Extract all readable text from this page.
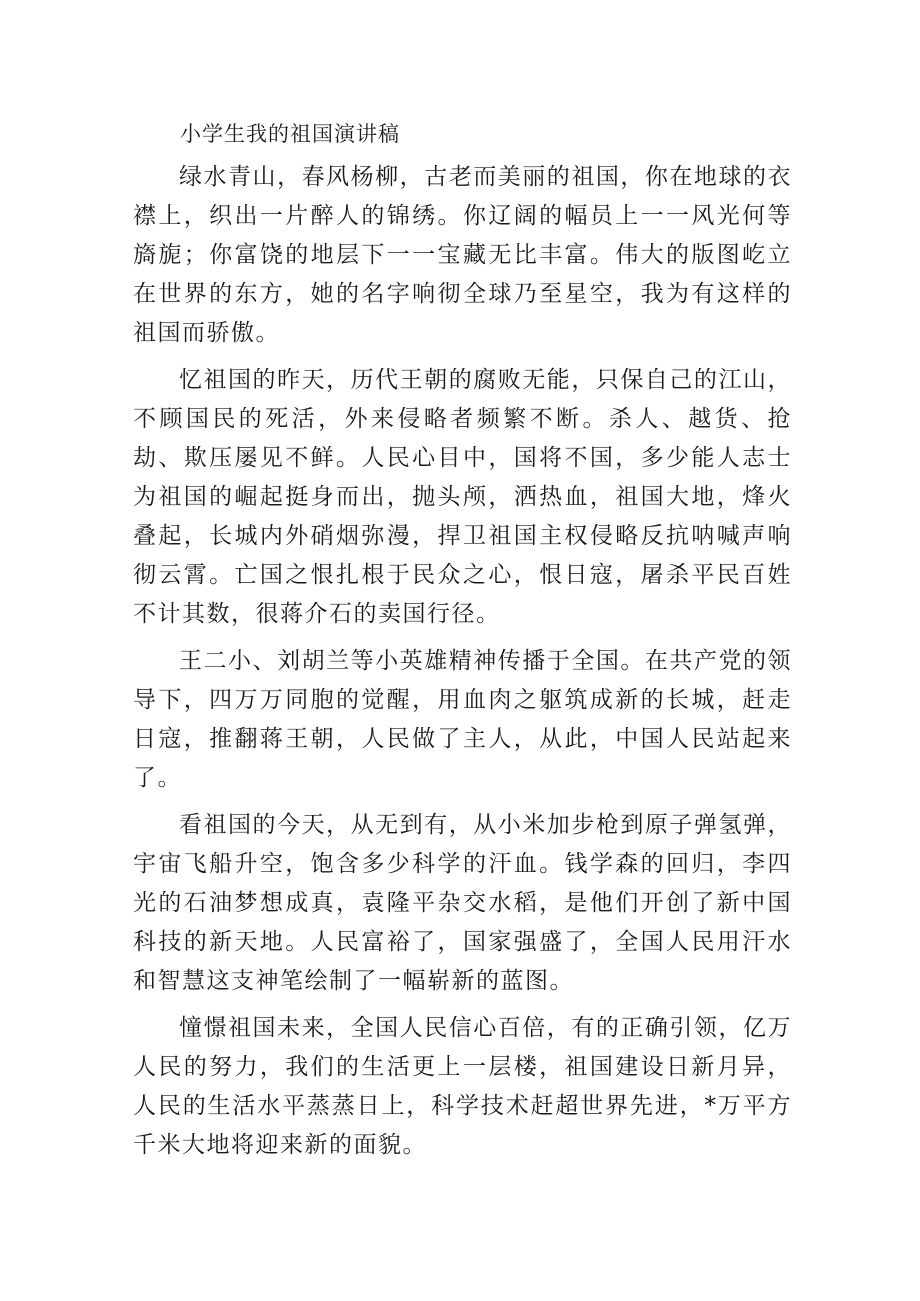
小学生我的祖国演讲稿

绿水青山，春风杨柳，古老而美丽的祖国，你在地球的衣襟上，织出一片醉人的锦绣。你辽阔的幅员上一一风光何等旖旎；你富饶的地层下一一宝藏无比丰富。伟大的版图屹立在世界的东方，她的名字响彻全球乃至星空，我为有这样的祖国而骄傲。

忆祖国的昨天，历代王朝的腐败无能，只保自己的江山，不顾国民的死活，外来侵略者频繁不断。杀人、越货、抢劫、欺压屡见不鲜。人民心目中，国将不国，多少能人志士为祖国的崛起挺身而出，抛头颅，洒热血，祖国大地，烽火叠起，长城内外硝烟弥漫，捍卫祖国主权侵略反抗呐喊声响彻云霄。亡国之恨扎根于民众之心，恨日寇，屠杀平民百姓不计其数，很蒋介石的卖国行径。

王二小、刘胡兰等小英雄精神传播于全国。在共产党的领导下，四万万同胞的觉醒，用血肉之躯筑成新的长城，赶走日寇，推翻蒋王朝，人民做了主人，从此，中国人民站起来了。

看祖国的今天，从无到有，从小米加步枪到原子弹氢弹，宇宙飞船升空，饱含多少科学的汗血。钱学森的回归，李四光的石油梦想成真，袁隆平杂交水稻，是他们开创了新中国科技的新天地。人民富裕了，国家强盛了，全国人民用汗水和智慧这支神笔绘制了一幅崭新的蓝图。

憧憬祖国未来，全国人民信心百倍，有的正确引领，亿万人民的努力，我们的生活更上一层楼，祖国建设日新月异，人民的生活水平蒸蒸日上，科学技术赶超世界先进，*万平方千米大地将迎来新的面貌。
